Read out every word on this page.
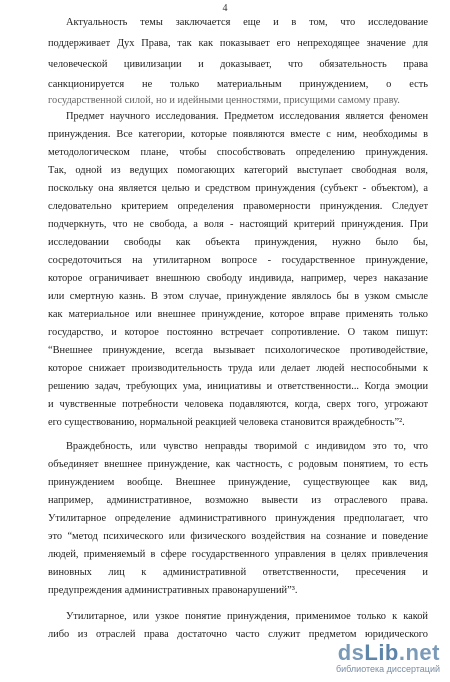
4
Актуальность темы заключается еще и в том, что исследование
поддерживает Дух Права, так как показывает его непреходящее значение для
человеческой цивилизации и доказывает, что обязательность права
санкционируется не только материальным принуждением, о есть
государственной силой, но и идейными ценностями, присущими самому праву.
Предмет научного исследования. Предметом исследования является феномен
принуждения. Все категории, которые появляются вместе с ним, необходимы в
методологическом плане, чтобы способствовать определению принуждения.
Так, одной из ведущих помогающих категорий выступает свободная воля,
поскольку она является целью и средством принуждения (субъект - объектом), а
следовательно критерием определения правомерности принуждения. Следует
подчеркнуть, что не свобода, а воля - настоящий критерий принуждения. При
исследовании свободы как объекта принуждения, нужно было бы,
сосредоточиться на утилитарном вопросе - государственное принуждение,
которое ограничивает внешнюю свободу индивида, например, через наказание
или смертную казнь. В этом случае, принуждение являлось бы в узком смысле
как материальное или внешнее принуждение, которое вправе применять только
государство, и которое постоянно встречает сопротивление. О таком пишут:
“Внешнее принуждение, всегда вызывает психологическое противодействие,
которое снижает производительность труда или делает людей неспособными к
решению задач, требующих ума, инициативы и ответственности... Когда эмоции
и чувственные потребности человека подавляются, когда, сверх того, угрожают
его существованию, нормальной реакцией человека становится враждебность”².
Враждебность, или чувство неправды творимой с индивидом это то, что
объединяет внешнее принуждение, как частность, с родовым понятием, то есть
принуждением вообще. Внешнее принуждение, существующее как вид,
например, административное, возможно вывести из отраслевого права.
Утилитарное определение административного принуждения предполагает, что
это “метод психического или физического воздействия на сознание и поведение
людей, применяемый в сфере государственного управления в целях привлечения
виновных лиц к административной ответственности, пресечения и
предупреждения административных правонарушений”³.
Утилитарное, или узкое понятие принуждения, применимое только к какой
либо из отраслей права достаточно часто служит предметом юридического
dsLib.net
библиотека диссертаций
